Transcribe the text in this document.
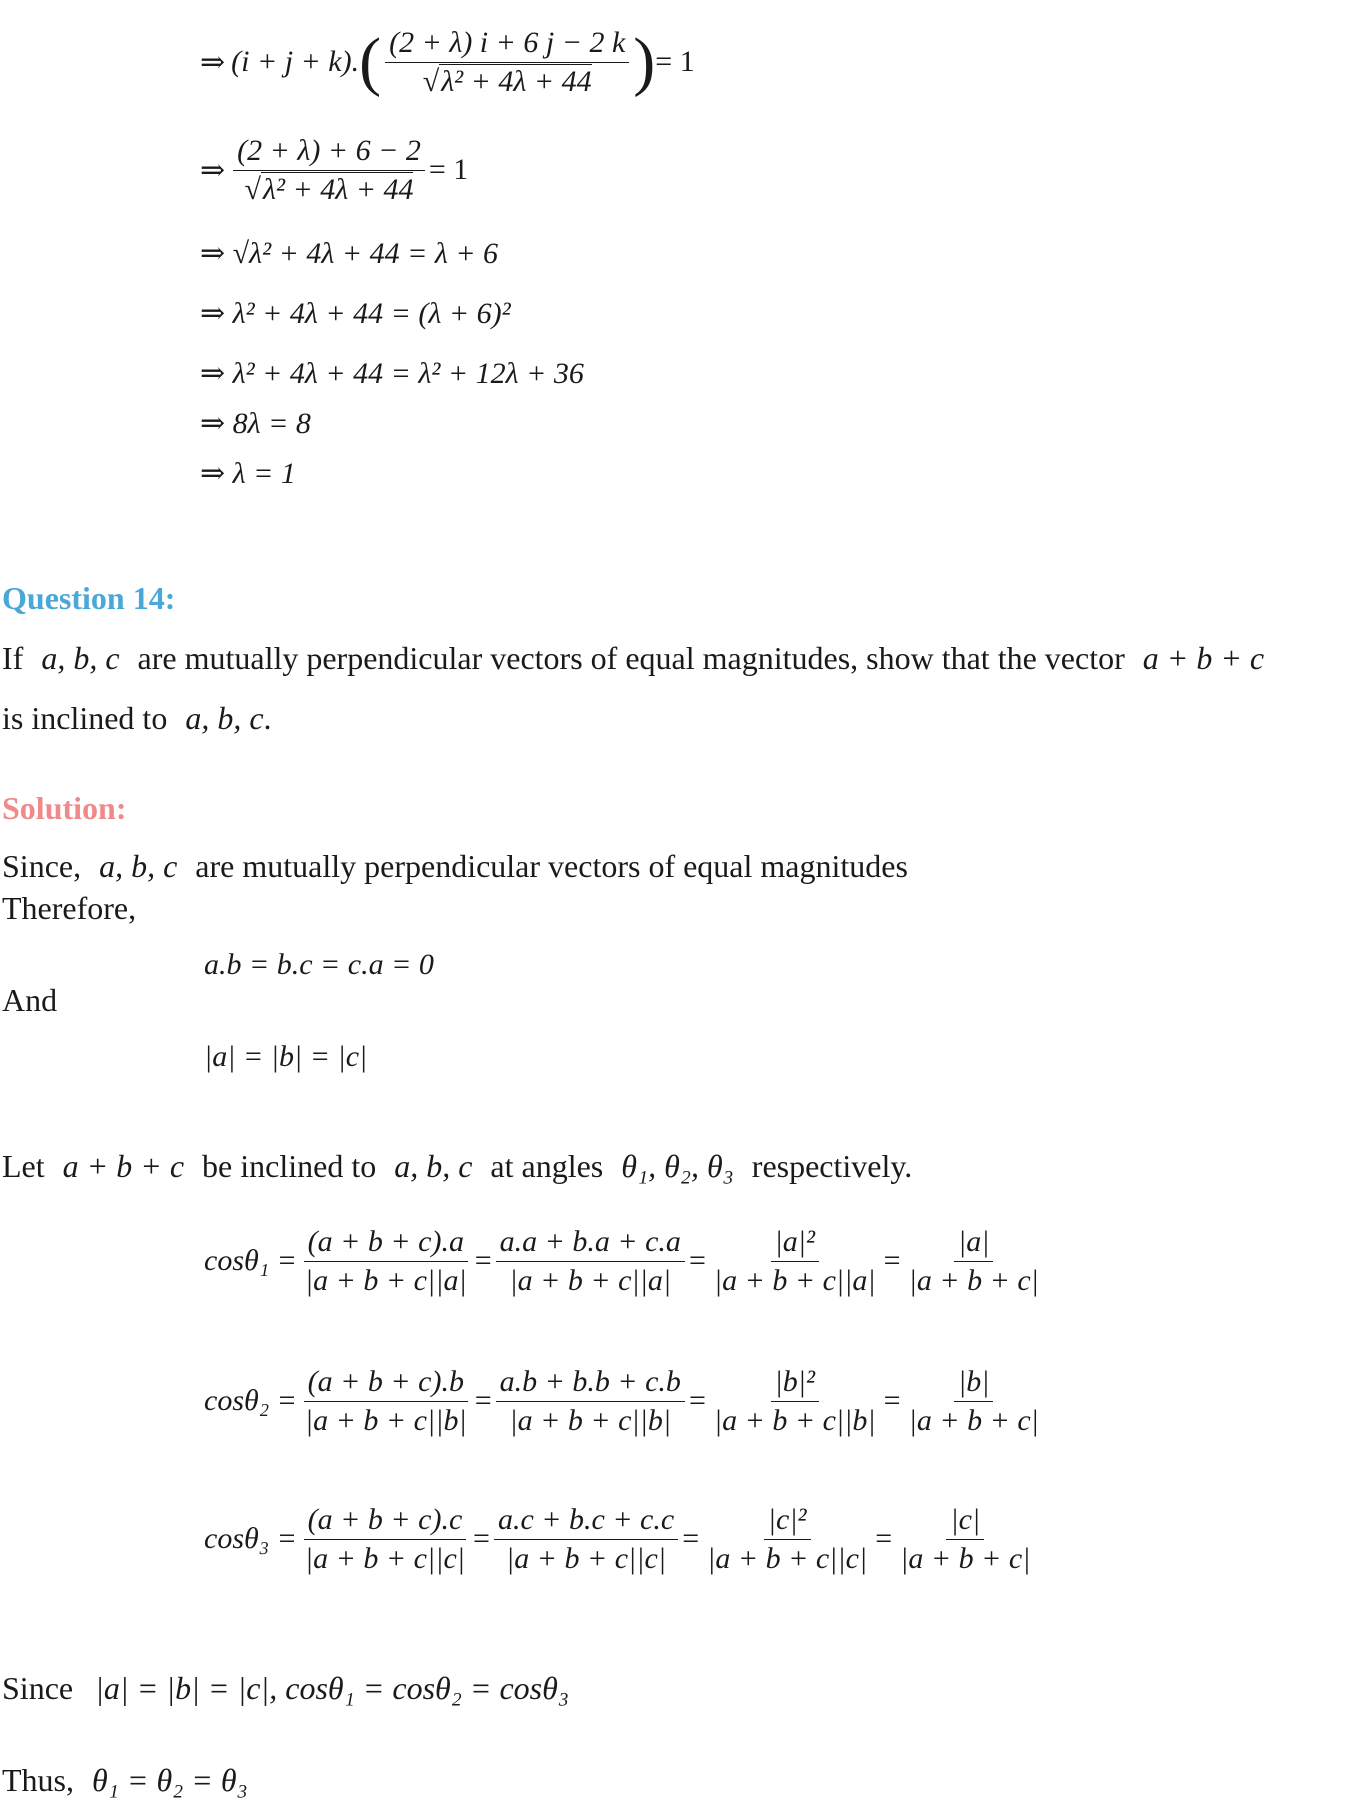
⇒ (i + j + k). ( $\frac{(2 + \lambda) i + 6 j - 2 k}{\text{√λ² + 4λ + 44}}$ ) = 1
⇒ $\frac{(2 + \lambda) + 6 - 2}{\text{√λ² + 4λ + 44}} = 1$
⇒ √λ² + 4λ + 44 = λ + 6
⇒ λ² + 4λ + 44 = (λ + 6)²
⇒ λ² + 4λ + 44 = λ² + 12λ + 36
⇒ 8λ = 8
⇒ λ = 1
Question 14:
If a, b, c are mutually perpendicular vectors of equal magnitudes, show that the vector a + b + c
is inclined to a, b, c.
Solution:
Since, a, b, c are mutually perpendicular vectors of equal magnitudes
Therefore,
a.b = b.c = c.a = 0
And
|a| = |b| = |c|
Let a + b + c be inclined to a, b, c at angles θ₁, θ₂, θ₃ respectively.
$\cos\theta_1 = \frac{(a + b + c).a}{|a + b + c||a|} = \frac{a.a + b.a + c.a}{|a + b + c||a|} = \frac{\text{|a|²}}{|a + b + c||a|} = \frac{|a|}{|a + b + c|}$
$\cos\theta_2 = \frac{(a + b + c).b}{|a + b + c||b|} = \frac{a.b + b.b + c.b}{|a + b + c||b|} = \frac{\text{|b|²}}{|a + b + c||b|} = \frac{|b|}{|a + b + c|}$
$\cos\theta_3 = \frac{(a + b + c).c}{|a + b + c||c|} = \frac{a.c + b.c + c.c}{|a + b + c||c|} = \frac{\text{|c|²}}{|a + b + c||c|} = \frac{|c|}{|a + b + c|}$
Since |a| = |b| = |c|, cosθ₁ = cosθ₂ = cosθ₃
Thus, θ₁ = θ₂ = θ₃
